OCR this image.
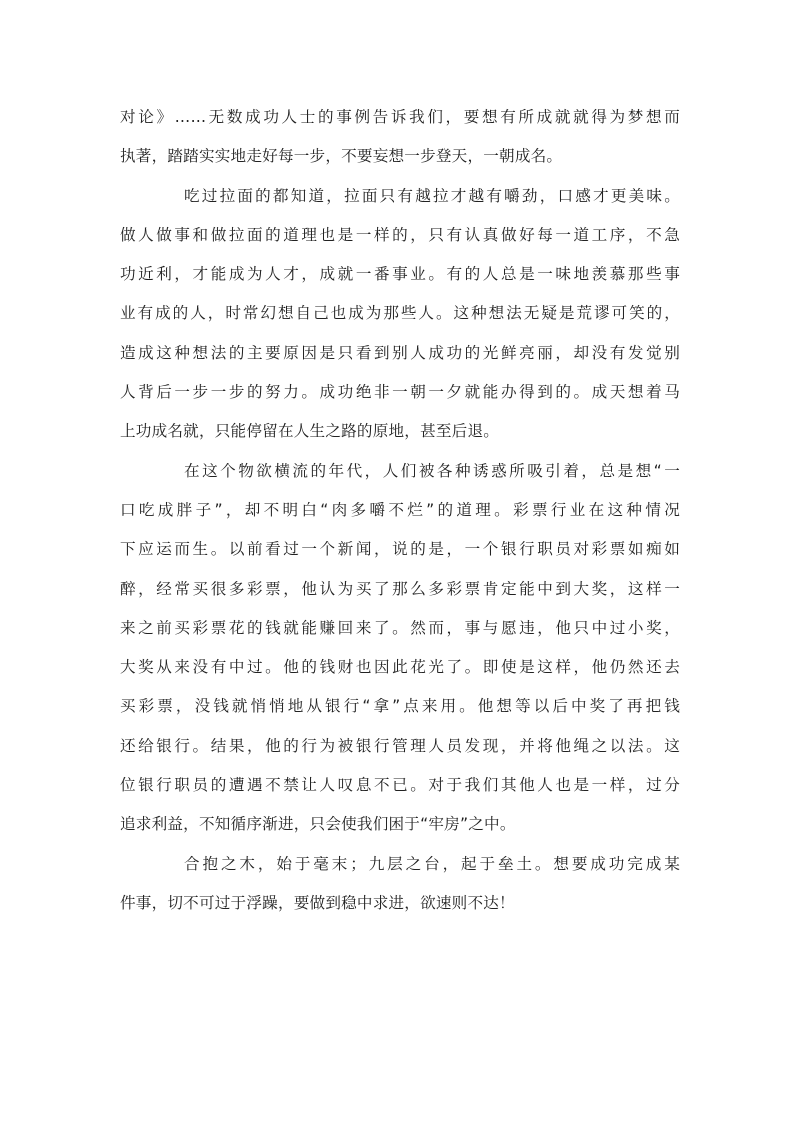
对论》……无数成功人士的事例告诉我们，要想有所成就就得为梦想而
执著，踏踏实实地走好每一步，不要妄想一步登天，一朝成名。
吃过拉面的都知道，拉面只有越拉才越有嚼劲，口感才更美味。
做人做事和做拉面的道理也是一样的，只有认真做好每一道工序，不急
功近利，才能成为人才，成就一番事业。有的人总是一味地羡慕那些事
业有成的人，时常幻想自己也成为那些人。这种想法无疑是荒谬可笑的，
造成这种想法的主要原因是只看到别人成功的光鲜亮丽，却没有发觉别
人背后一步一步的努力。成功绝非一朝一夕就能办得到的。成天想着马
上功成名就，只能停留在人生之路的原地，甚至后退。
在这个物欲横流的年代，人们被各种诱惑所吸引着，总是想“一
口吃成胖子”，却不明白“肉多嚼不烂”的道理。彩票行业在这种情况
下应运而生。以前看过一个新闻，说的是，一个银行职员对彩票如痴如
醉，经常买很多彩票，他认为买了那么多彩票肯定能中到大奖，这样一
来之前买彩票花的钱就能赚回来了。然而，事与愿违，他只中过小奖，
大奖从来没有中过。他的钱财也因此花光了。即使是这样，他仍然还去
买彩票，没钱就悄悄地从银行“拿”点来用。他想等以后中奖了再把钱
还给银行。结果，他的行为被银行管理人员发现，并将他绳之以法。这
位银行职员的遭遇不禁让人叹息不已。对于我们其他人也是一样，过分
追求利益，不知循序渐进，只会使我们困于“牢房”之中。
合抱之木，始于毫末；九层之台，起于垒土。想要成功完成某
件事，切不可过于浮躁，要做到稳中求进，欲速则不达！
